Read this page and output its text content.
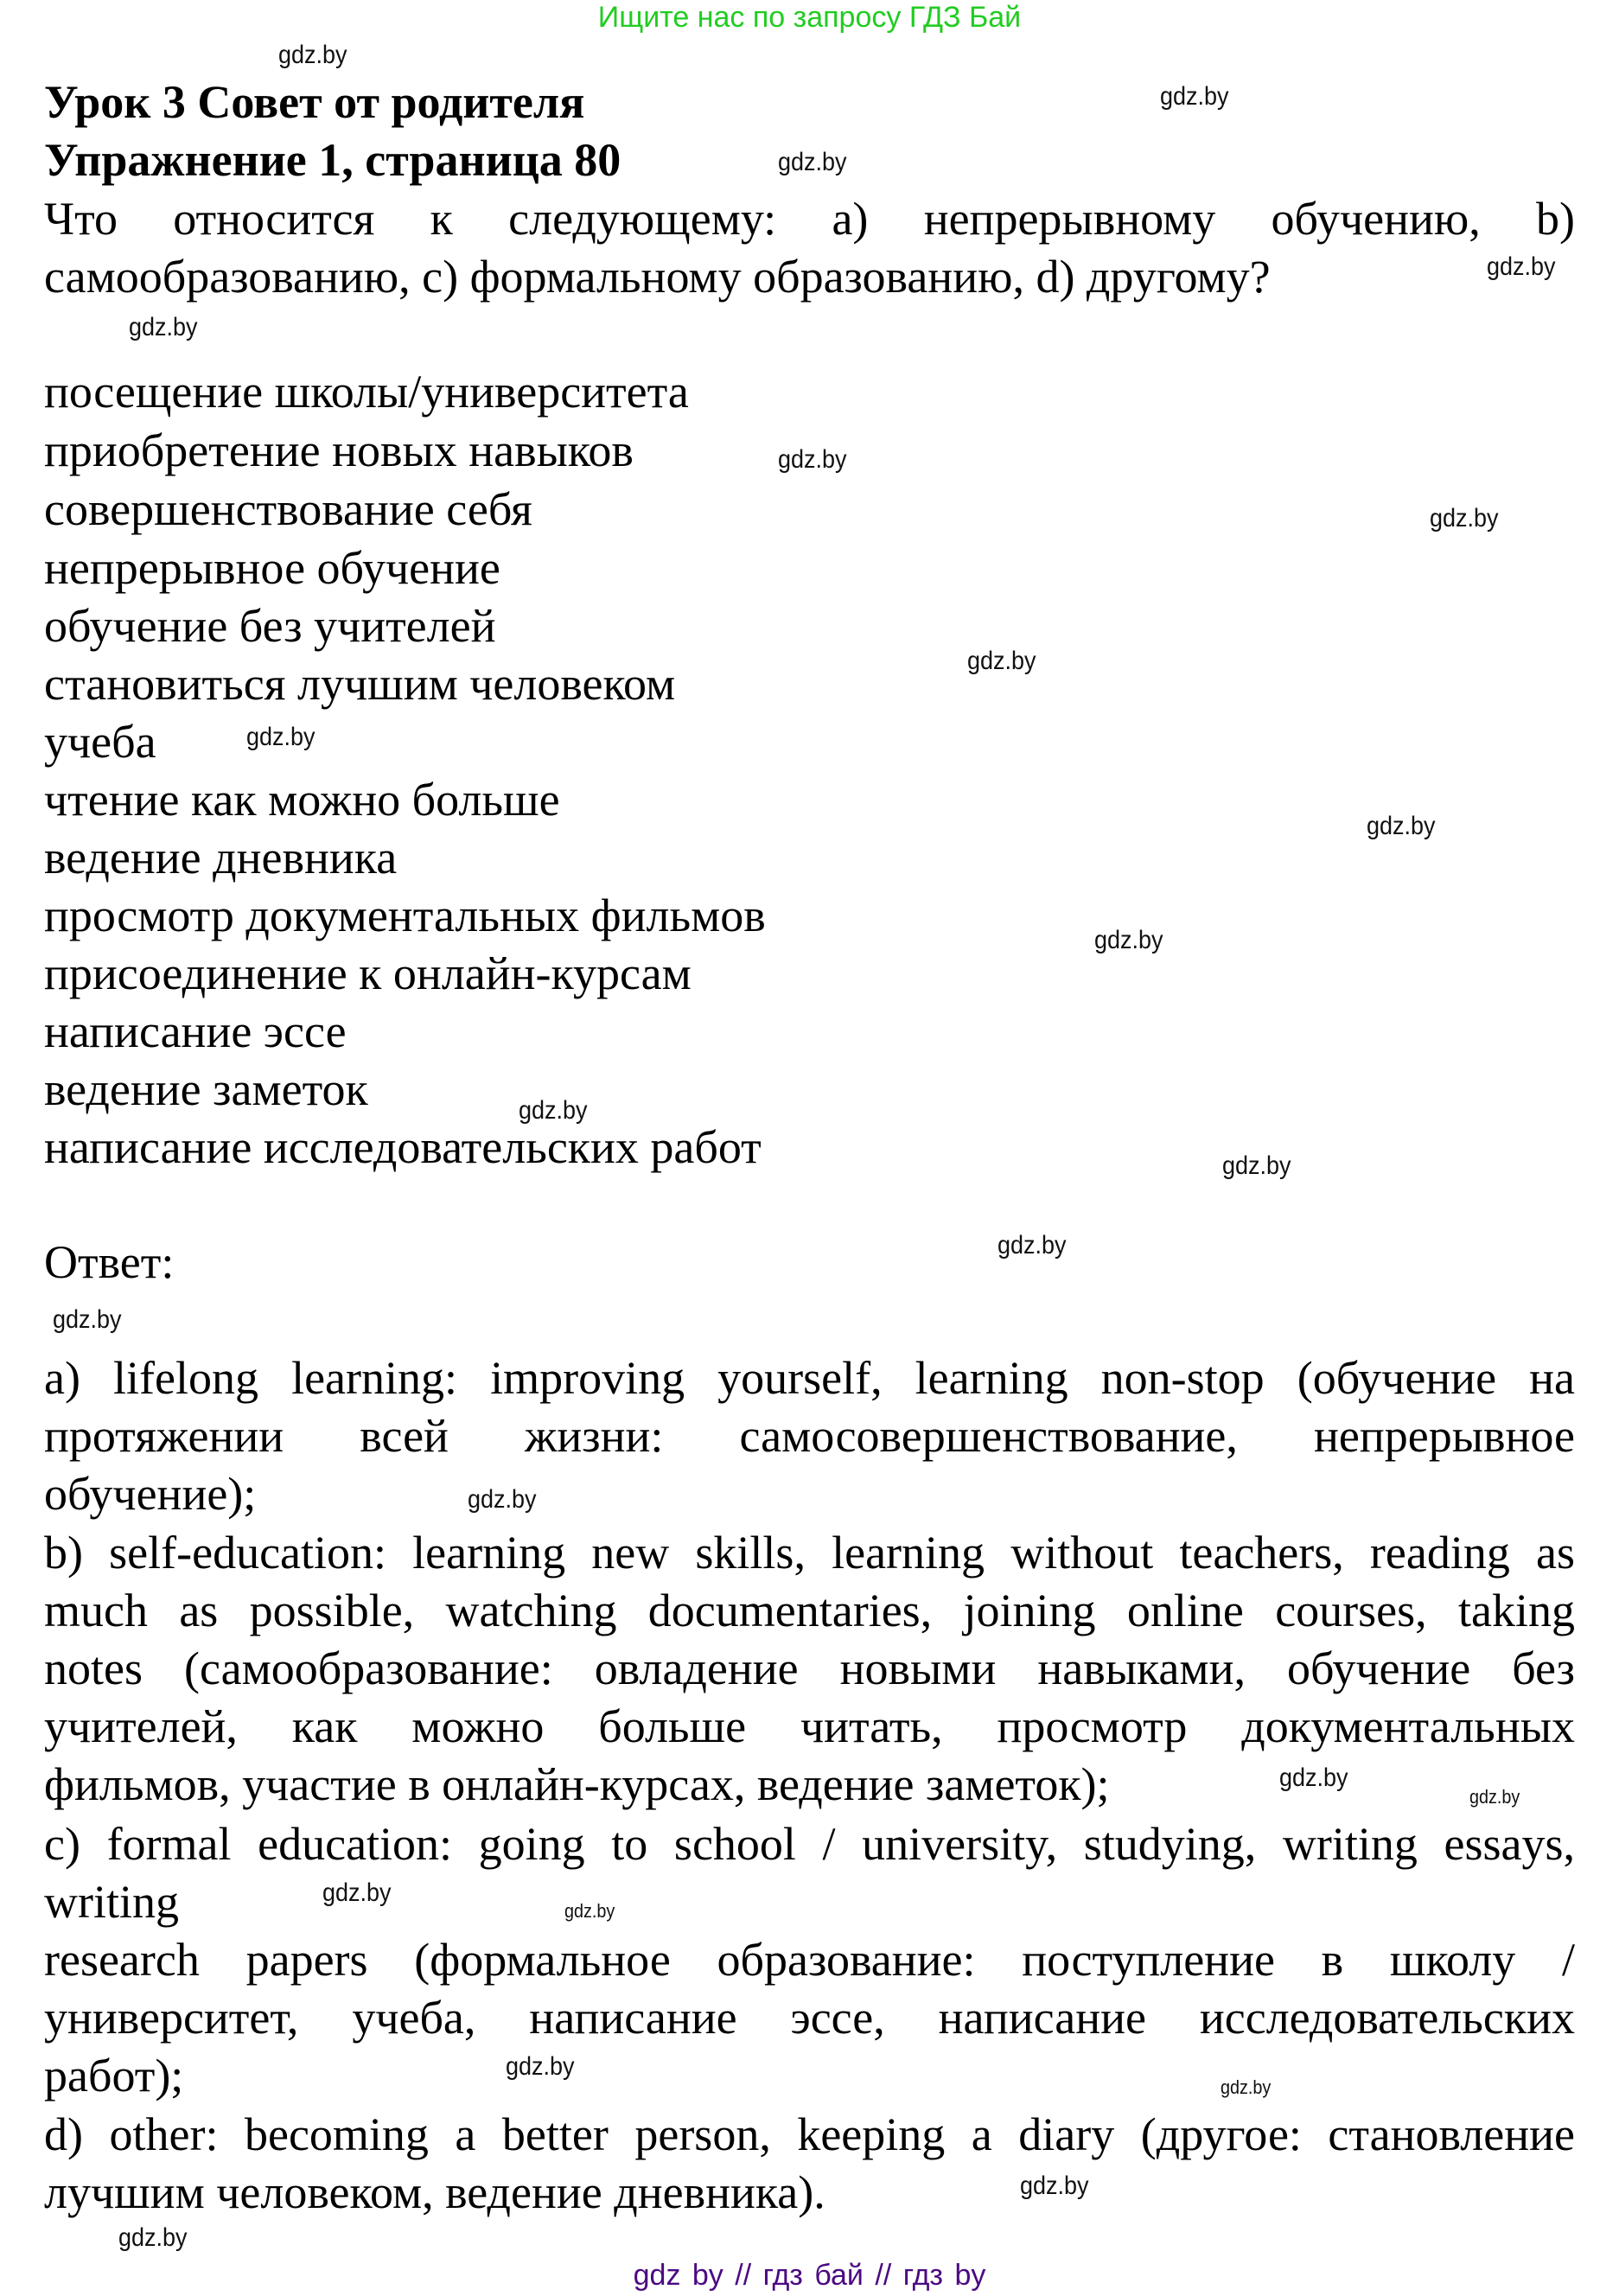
Ищите нас по запросу ГДЗ Бай
Урок 3 Совет от родителя
Упражнение 1, страница 80
Что относится к следующему: a) непрерывному обучению, b)
самообразованию, c) формальному образованию, d) другому?
посещение школы/университета
приобретение новых навыков
совершенствование себя
непрерывное обучение
обучение без учителей
становиться лучшим человеком
учеба
чтение как можно больше
ведение дневника
просмотр документальных фильмов
присоединение к онлайн-курсам
написание эссе
ведение заметок
написание исследовательских работ
Ответ:
a) lifelong learning: improving yourself, learning non-stop (обучение на
протяжении всей жизни: самосовершенствование, непрерывное
обучение);
b) self-education: learning new skills, learning without teachers, reading as
much as possible, watching documentaries, joining online courses, taking
notes (самообразование: овладение новыми навыками, обучение без
учителей, как можно больше читать, просмотр документальных
фильмов, участие в онлайн-курсах, ведение заметок);
c) formal education: going to school / university, studying, writing essays,
writing
research papers (формальное образование: поступление в школу /
университет, учеба, написание эссе, написание исследовательских
работ);
d) other: becoming a better person, keeping a diary (другое: становление
лучшим человеком, ведение дневника).
gdz.by
gdz.by
gdz.by
gdz.by
gdz.by
gdz.by
gdz.by
gdz.by
gdz.by
gdz.by
gdz.by
gdz.by
gdz.by
gdz.by
gdz.by
gdz.by
gdz.by
gdz.by
gdz.by
gdz.by
gdz.by
gdz.by
gdz.by
gdz.by
gdz by // гдз бай // гдз by
